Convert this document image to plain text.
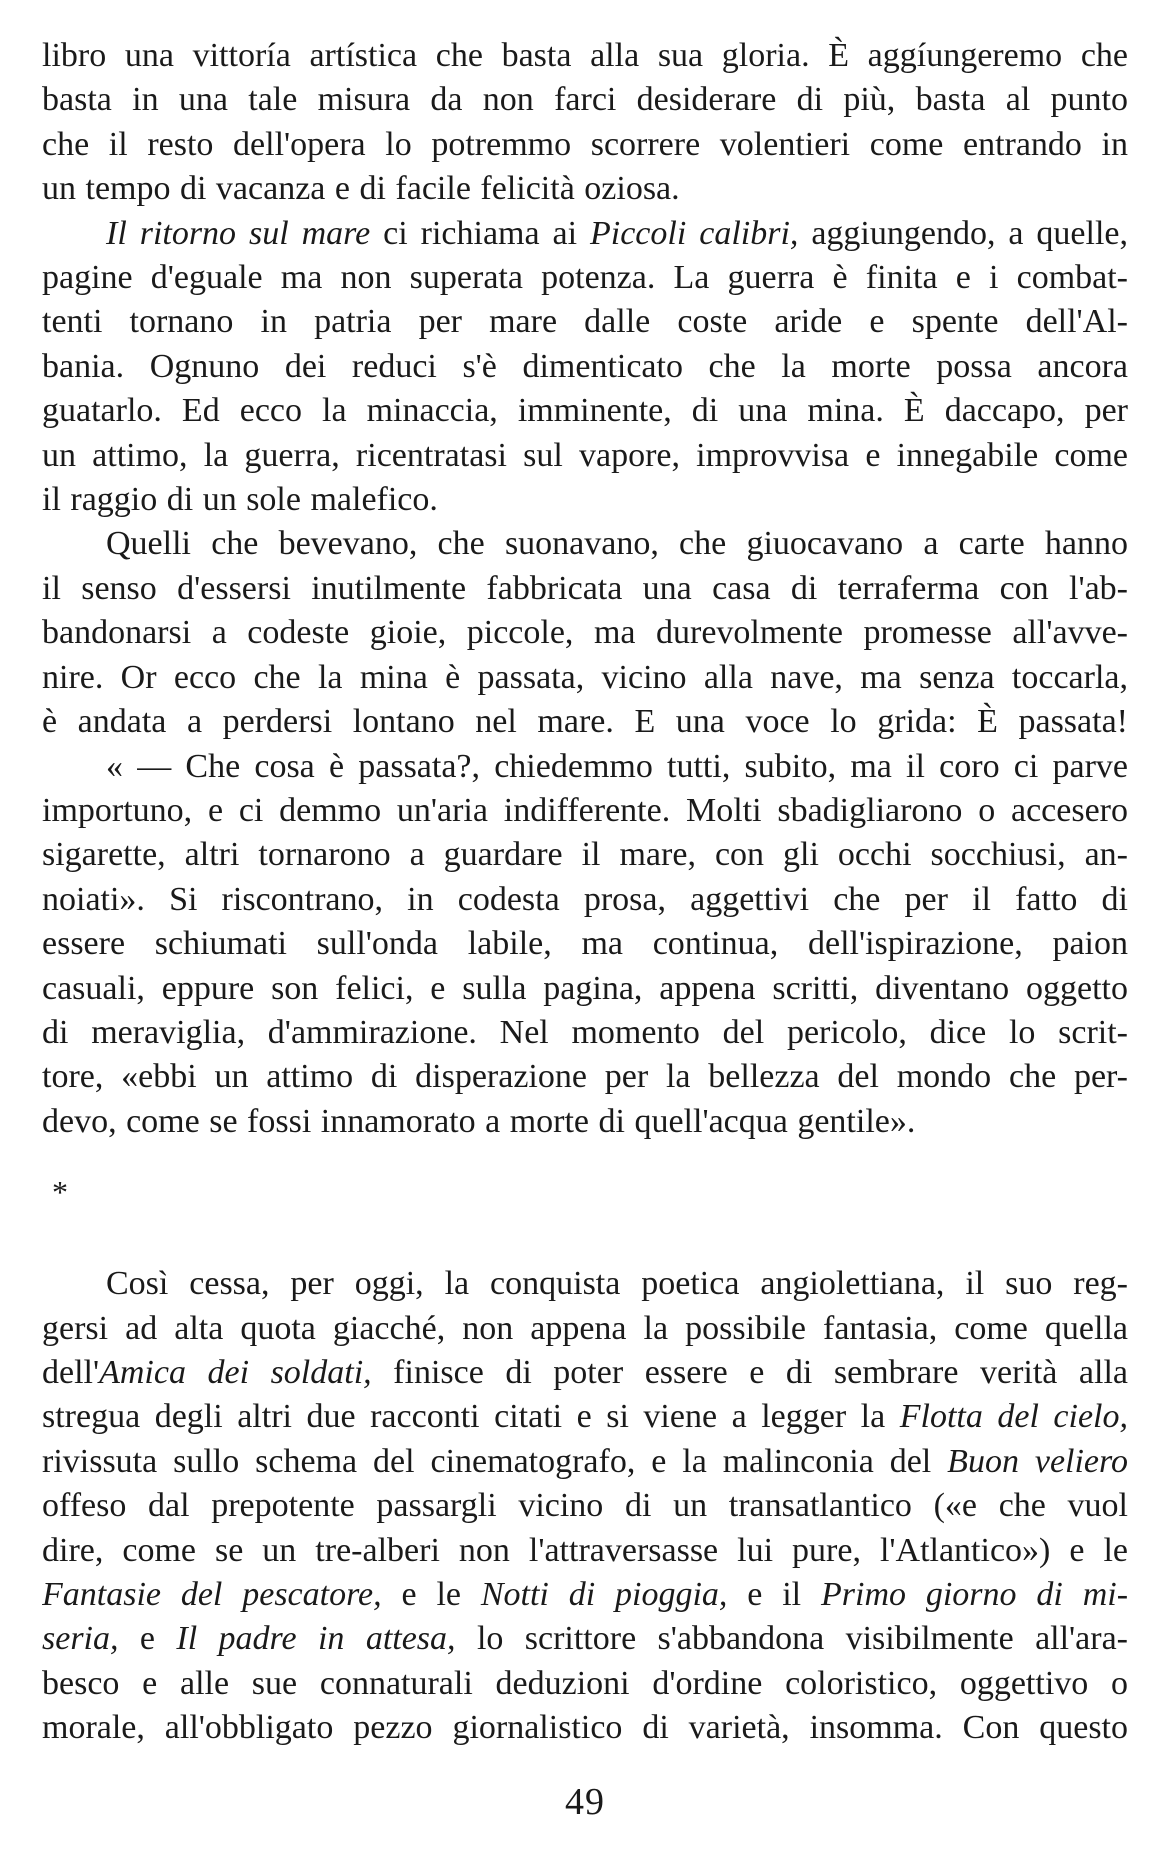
libro una vittoría artística che basta alla sua gloria. È aggíungeremo che
basta in una tale misura da non farci desiderare di più, basta al punto
che il resto dell'opera lo potremmo scorrere volentieri come entrando in
un tempo di vacanza e di facile felicità oziosa.
Il ritorno sul mare ci richiama ai Piccoli calibri, aggiungendo, a quelle,
pagine d'eguale ma non superata potenza. La guerra è finita e i combat-
tenti tornano in patria per mare dalle coste aride e spente dell'Al-
bania. Ognuno dei reduci s'è dimenticato che la morte possa ancora
guatarlo. Ed ecco la minaccia, imminente, di una mina. È daccapo, per
un attimo, la guerra, ricentratasi sul vapore, improvvisa e innegabile come
il raggio di un sole malefico.
Quelli che bevevano, che suonavano, che giuocavano a carte hanno
il senso d'essersi inutilmente fabbricata una casa di terraferma con l'ab-
bandonarsi a codeste gioie, piccole, ma durevolmente promesse all'avve-
nire. Or ecco che la mina è passata, vicino alla nave, ma senza toccarla,
è andata a perdersi lontano nel mare. E una voce lo grida: È passata!
« — Che cosa è passata?, chiedemmo tutti, subito, ma il coro ci parve
importuno, e ci demmo un'aria indifferente. Molti sbadigliarono o accesero
sigarette, altri tornarono a guardare il mare, con gli occhi socchiusi, an-
noiati». Si riscontrano, in codesta prosa, aggettivi che per il fatto di
essere schiumati sull'onda labile, ma continua, dell'ispirazione, paion
casuali, eppure son felici, e sulla pagina, appena scritti, diventano oggetto
di meraviglia, d'ammirazione. Nel momento del pericolo, dice lo scrit-
tore, «ebbi un attimo di disperazione per la bellezza del mondo che per-
devo, come se fossi innamorato a morte di quell'acqua gentile».
*
Così cessa, per oggi, la conquista poetica angiolettiana, il suo reg-
gersi ad alta quota giacché, non appena la possibile fantasia, come quella
dell'Amica dei soldati, finisce di poter essere e di sembrare verità alla
stregua degli altri due racconti citati e si viene a legger la Flotta del cielo,
rivissuta sullo schema del cinematografo, e la malinconia del Buon veliero
offeso dal prepotente passargli vicino di un transatlantico («e che vuol
dire, come se un tre-alberi non l'attraversasse lui pure, l'Atlantico») e le
Fantasie del pescatore, e le Notti di pioggia, e il Primo giorno di mi-
seria, e Il padre in attesa, lo scrittore s'abbandona visibilmente all'ara-
besco e alle sue connaturali deduzioni d'ordine coloristico, oggettivo o
morale, all'obbligato pezzo giornalistico di varietà, insomma. Con questo
49
